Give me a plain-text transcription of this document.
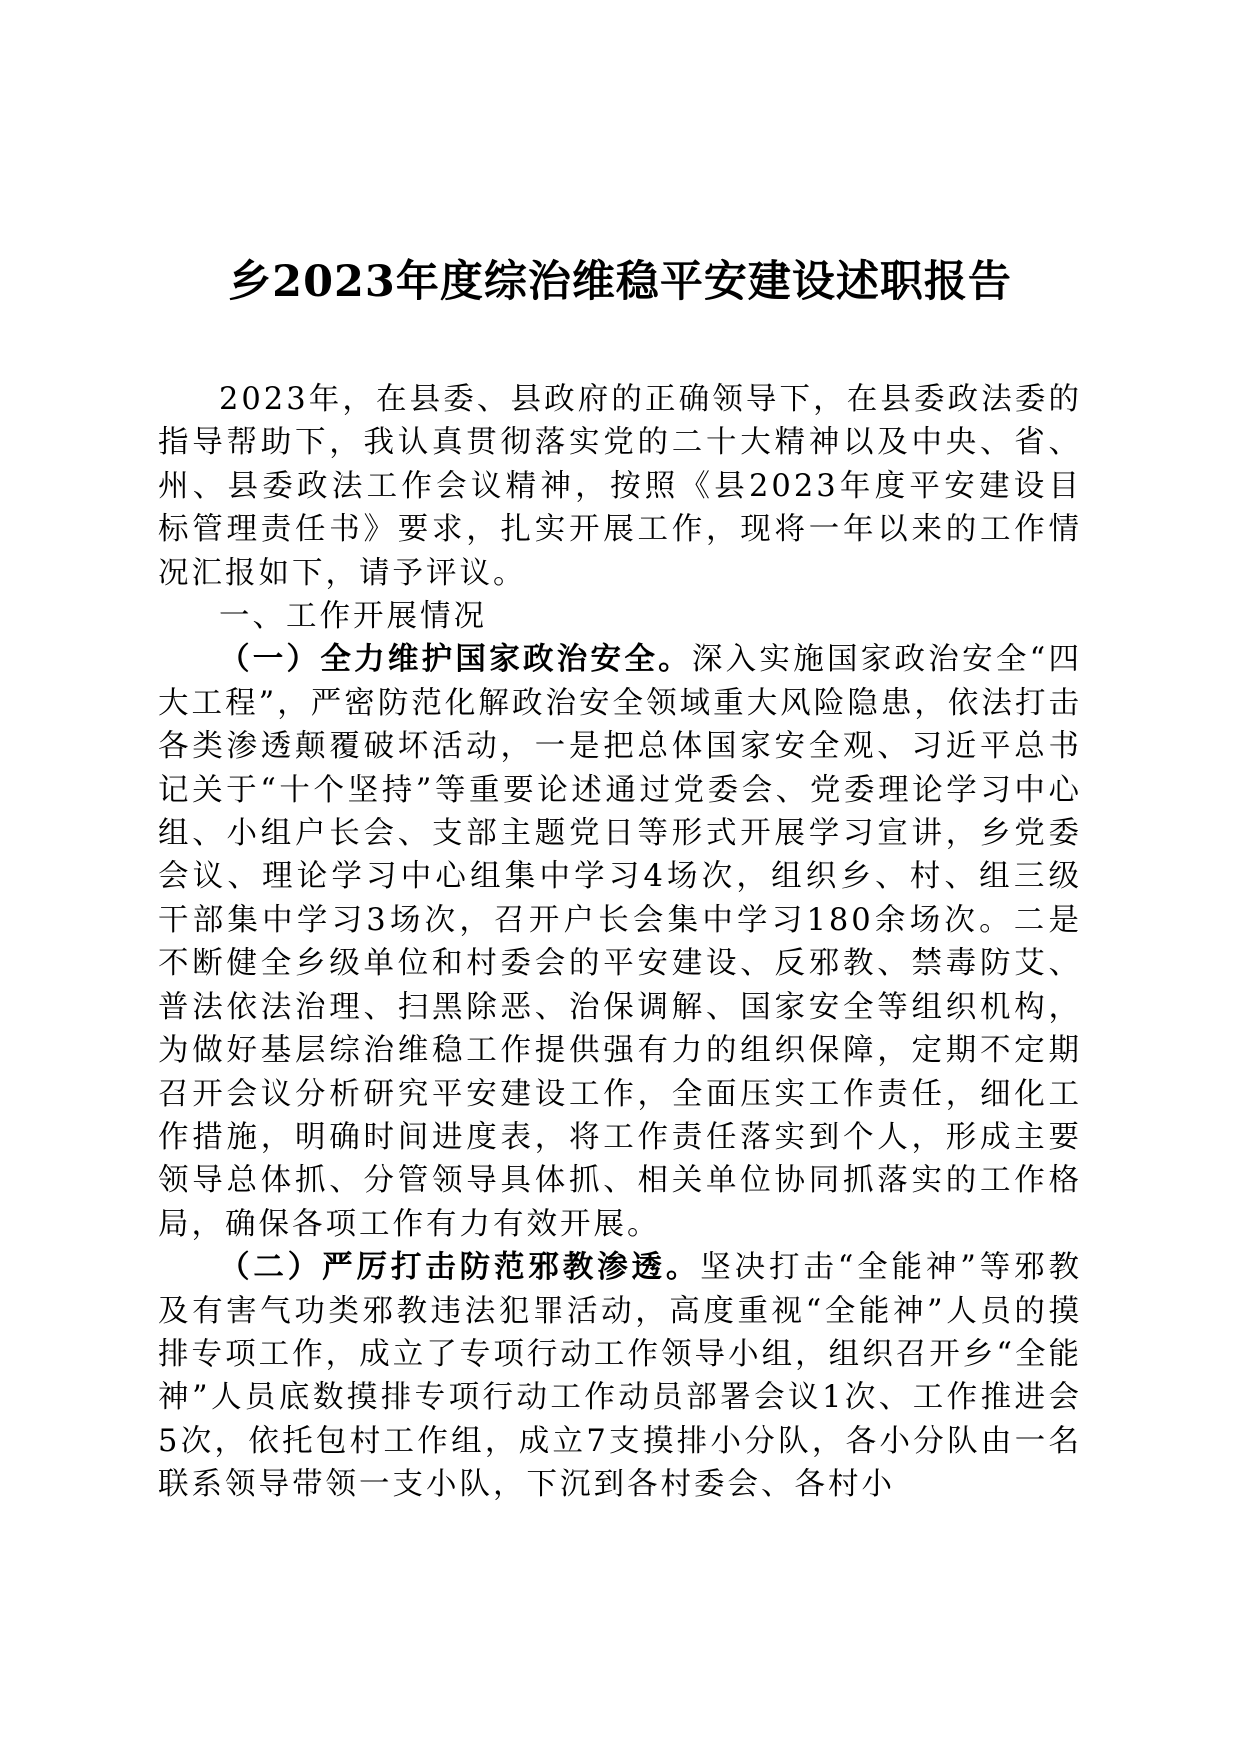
乡2023年度综治维稳平安建设述职报告

2023年，在县委、县政府的正确领导下，在县委政法委的指导帮助下，我认真贯彻落实党的二十大精神以及中央、省、州、县委政法工作会议精神，按照《县2023年度平安建设目标管理责任书》要求，扎实开展工作，现将一年以来的工作情况汇报如下，请予评议。

一、工作开展情况

（一）全力维护国家政治安全。深入实施国家政治安全“四大工程”，严密防范化解政治安全领域重大风险隐患，依法打击各类渗透颠覆破坏活动，一是把总体国家安全观、习近平总书记关于“十个坚持”等重要论述通过党委会、党委理论学习中心组、小组户长会、支部主题党日等形式开展学习宣讲，乡党委会议、理论学习中心组集中学习4场次，组织乡、村、组三级干部集中学习3场次，召开户长会集中学习180余场次。二是不断健全乡级单位和村委会的平安建设、反邪教、禁毒防艾、普法依法治理、扫黑除恶、治保调解、国家安全等组织机构，为做好基层综治维稳工作提供强有力的组织保障，定期不定期召开会议分析研究平安建设工作，全面压实工作责任，细化工作措施，明确时间进度表，将工作责任落实到个人，形成主要领导总体抓、分管领导具体抓、相关单位协同抓落实的工作格局，确保各项工作有力有效开展。

（二）严厉打击防范邪教渗透。坚决打击“全能神”等邪教及有害气功类邪教违法犯罪活动，高度重视“全能神”人员的摸排专项工作，成立了专项行动工作领导小组，组织召开乡“全能神”人员底数摸排专项行动工作动员部署会议1次、工作推进会5次，依托包村工作组，成立7支摸排小分队，各小分队由一名联系领导带领一支小队，下沉到各村委会、各村小
